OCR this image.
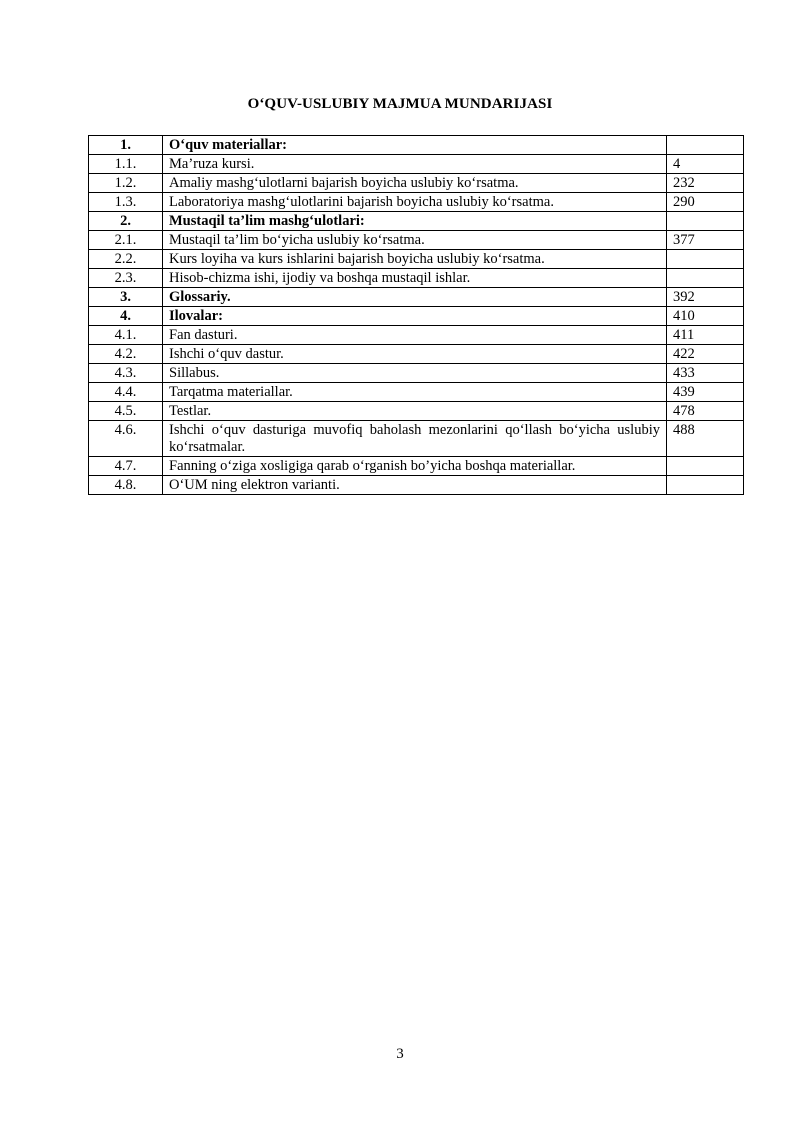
O‘QUV-USLUBIY MAJMUA MUNDARIJASI
1.	O‘quv materiallar:	
1.1.	Ma’ruza kursi.	4
1.2.	Amaliy mashg‘ulotlarni bajarish boyicha uslubiy ko‘rsatma.	232
1.3.	Laboratoriya mashg‘ulotlarini bajarish boyicha uslubiy ko‘rsatma.	290
2.	Mustaqil ta’lim mashg‘ulotlari:	
2.1.	Mustaqil ta’lim bo‘yicha uslubiy ko‘rsatma.	377
2.2.	Kurs loyiha va kurs ishlarini bajarish boyicha uslubiy ko‘rsatma.	
2.3.	Hisob-chizma ishi, ijodiy va boshqa mustaqil ishlar.	
3.	Glossariy.	392
4.	Ilovalar:	410
4.1.	Fan dasturi.	411
4.2.	Ishchi o‘quv dastur.	422
4.3.	Sillabus.	433
4.4.	Tarqatma materiallar.	439
4.5.	Testlar.	478
4.6.	Ishchi o‘quv dasturiga muvofiq baholash mezonlarini qo‘llash bo‘yicha uslubiy ko‘rsatmalar.	488
4.7.	Fanning o‘ziga xosligiga qarab o‘rganish bo’yicha boshqa materiallar.	
4.8.	O‘UM ning elektron varianti.	
3
